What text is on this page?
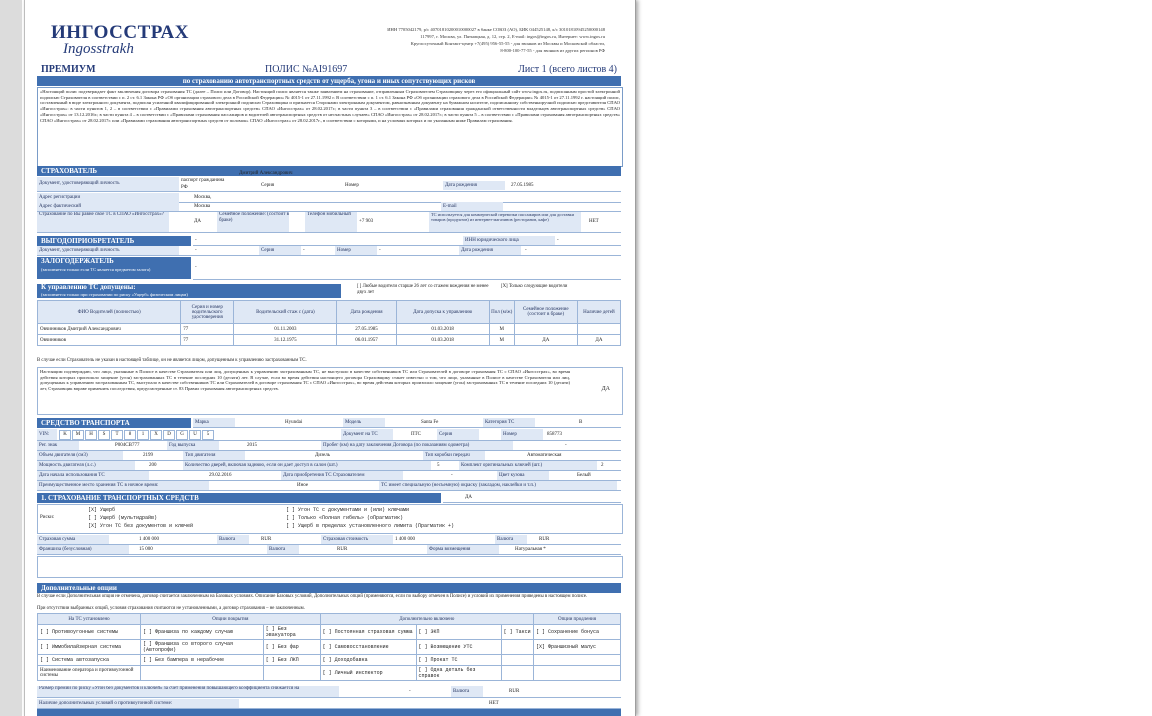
ИНГОССТРАХ
Ingosstrakh
ИНН 7705042179, р/с 40701810200010000027 в банке СОЮЗ (АО), БИК 044525148, к/с 30101810945250000148
117997, г. Москва, ул. Пятницкая, д. 12, стр. 2, E-mail: ingos@ingos.ru, Интернет: www.ingos.ru
Круглосуточный Контакт-центр +7(495) 956-55-55 - для звонков из Москвы и Московской области,
8-800-100-77-55 - для звонков из других регионов РФ
ПРЕМИУМ	ПОЛИС №AI91697	Лист 1 (всего листов 4)
по страхованию автотранспортных средств от ущерба, угона и иных сопутствующих рисков
«Настоящий полис подтверждает факт заключения договора страхования ТС (далее – Полис или Договор). Настоящий полис является также заявлением на страхование, отправленным Страхователем Страховщику через его официальный сайт www.ingos.ru, подписанным простой электронной подписью Страхователя в соответствии с п. 2 ст. 6.1 Закона РФ «Об организации страхового дела в Российской Федерации» № 4015-1 от 27.11.1992 г. В соответствии с п. 1 ст. 6.1 Закона РФ «Об организации страхового дела в Российской Федерации» № 4015-1 от 27.11.1992 г. настоящий полис, составленный в виде электронного документа, подписан усиленной квалифицированной электронной подписью Страховщика и признается Сторонами электронным документом, равнозначным документу на бумажном носителе, подписанному собственноручной подписью представителя СПАО «Ингосстрах»: в части пунктов 1, 2 – в соответствии с «Правилами страхования автотранспортных средств» СПАО «Ингосстрах» от 28.02.2017г.; в части пункта 3 – в соответствии с «Правилами страхования гражданской ответственности владельцев автотранспортных средств» СПАО «Ингосстрах» от 13.12.2016г.; в части пункта 4 – в соответствии с «Правилами страхования пассажиров и водителей автотранспортных средств от несчастных случаев» СПАО «Ингосстрах» от 28.02.2017г.; в части пункта 5 – в соответствии с «Правилами страхования автотранспортных средств» СПАО «Ингосстрах» от 28.02.2017г. или «Правилами страхования автотранспортных средств от поломок» СПАО «Ингосстрах» от 28.02.2017г., в соответствии с которыми, и на условиях которых и по указанным ниже Правилам страхования.
СТРАХОВАТЕЛЬ
Документ, удостоверяющий личность
паспорт гражданина РФ
Дмитрий Александрович
Серия	Номер	Дата рождения	27.05.1985
Адрес регистрации	Москва,
Адрес фактический	Москва	E-mail
Страхование по Вы равне свое ТС в СПАО «Ингосстрах»?
ДА
Семейное положение: (состоит в браке)
Телефон мобильный
+7 903
ТС используется для коммерческой перевозки пассажиров или для доставки товаров (продуктов) из интернет-магазинов (ресторанов, кафе)	НЕТ
ВЫГОДОПРИОБРЕТАТЕЛЬ	-	ИНН юридического лица	-
Документ, удостоверяющий личность	-	Серия	-	Номер	-	Дата рождения	-
ЗАЛОГОДЕРЖАТЕЛЬ
(заполняется только если ТС является предметом залога)	-
К управлению ТС допущены:
(заполняется только при страховании по риску «Ущерб» физическим лицам)
[ ] Любые водители старше 26 лет со стажем вождения не менее двух лет
[X] Только следующие водители
ФИО Водителей (полностью)	Серия и номер водительского удостоверения	Водительский стаж с (дата)	Дата рождения	Дата допуска к управлению	Пол (м/ж)	Семейное положение (состоит в браке)	Наличие детей
Овчинников Дмитрий Александрович	77	01.11.2003	27.05.1985	01.03.2018	М		
Овчинников	77	31.12.1975	06.01.1957	01.03.2018	М	ДА	ДА
В случае если Страхователь не указан в настоящей таблице, он не является лицом, допущенным к управлению застрахованным ТС.
Настоящим подтверждаю, что лицо, указанные в Полисе в качестве Страхователя или лиц, допущенных к управлению застрахованным ТС, не выступало в качестве собственников ТС или Страхователей в договоре страхования ТС с СПАО «Ингосстрах», во время действия которых произошло хищение (угон) застрахованных ТС в течение последних 10 (десяти) лет. В случае, если во время действия настоящего договора Страховщику станет известно о том, что лицо, указанные в Полисе в качестве Страхователя или лиц, допущенных к управлению застрахованным ТС, выступало в качестве собственников ТС или Страхователей в договоре страхования ТС с СПАО «Ингосстрах», во время действия которых произошло хищение (угон) застрахованных ТС в течение последних 10 (десяти) лет, Страховщик вправе применить последствия, предусмотренные ст. 83 Правил страхования автотранспортных средств.	ДА
СРЕДСТВО ТРАНСПОРТА	Марка	Hyundai	Модель	Santa Fe	Категория ТС	B
VIN:	K M H S T 8 1 X D G U 5	Документ на ТС	ПТС	Серия	Номер	858773
Рег. знак	Р004СВ777	Год выпуска	2015	Пробег (км) на дату заключения Договора (по показаниям одометра)	-
Объем двигателя (см3)	2199	Тип двигателя	Дизель	Тип коробки передач	Автоматическая
Мощность двигателя (л.с.)	200	Количество дверей, включая заднюю, если он дает доступ в салон (шт.)	5	Комплект оригинальных ключей (шт.)	2
Дата начала использования ТС	29.02.2016	Дата приобретения ТС Страхователем	-	Цвет кузова	Белый
Преимущественное место хранения ТС в ночное время:	Иное	ТС имеет специальную (несъемную) окраску (закладом, наклейки и т.п.)
1. СТРАХОВАНИЕ ТРАНСПОРТНЫХ СРЕДСТВ	ДА
Риски:
[X] Ущерб
[ ] Ущерб (мультидрайв)
[X] Угон ТС без документов и ключей
[ ] Угон ТС с документами и (или) ключами
[ ] Только «Полная гибель» (оПрагматик)
[ ] Ущерб в пределах установленного лимита (Прагматик +)
Страховая сумма	1 400 000	Валюта	RUR	Страховая стоимость	1 400 000	Валюта	RUR
Франшиза (безусловная)	15 000	Валюта	RUR	Форма возмещения	Натуральная *
Дополнительные опции
В случае если Дополнительная опция не отмечена, договор считается заключенным на Базовых условиях. Описание Базовых условий, Дополнительных опций (применяются, если по выбору отмечен в Полисе) и условий их применения приведены в настоящем полисе.
При отсутствии выбранных опций, условия страхования считаются не установленными, а договор страхования – не заключенным.
На ТС установлено	Опции покрытия		Дополнительно включено			Опции продления
[ ] Противоугонные системы	[ ] Франшиза по каждому случаю	[ ] Без эвакуатора	[ ] Постоянная страховая сумма	[ ] ЭКП	[ ] Такси	[ ] Сохранение бонуса
[ ] Иммобилайзерная система	[ ] Франшиза со второго случая (Автопрофи)	[ ] Без фар	[ ] Самовосстановление	[ ] Возмещение УТС		[X] Франшизный малус
[ ] Система автозапуска	[ ] Без бампера в нерабочие	[ ] Без ЛКП	[ ] Доходобавка	[ ] Прокат ТС		
Наименование оператора и противоугонной системы			[ ] Личный инспектор	[ ] Одна деталь без справок		
Размер премии по риску «Угон без документов и ключей» за счет применения повышающего коэффициента снижается на
-	Валюта	RUR
Наличие дополнительных условий о противоугонной системе:	НЕТ
